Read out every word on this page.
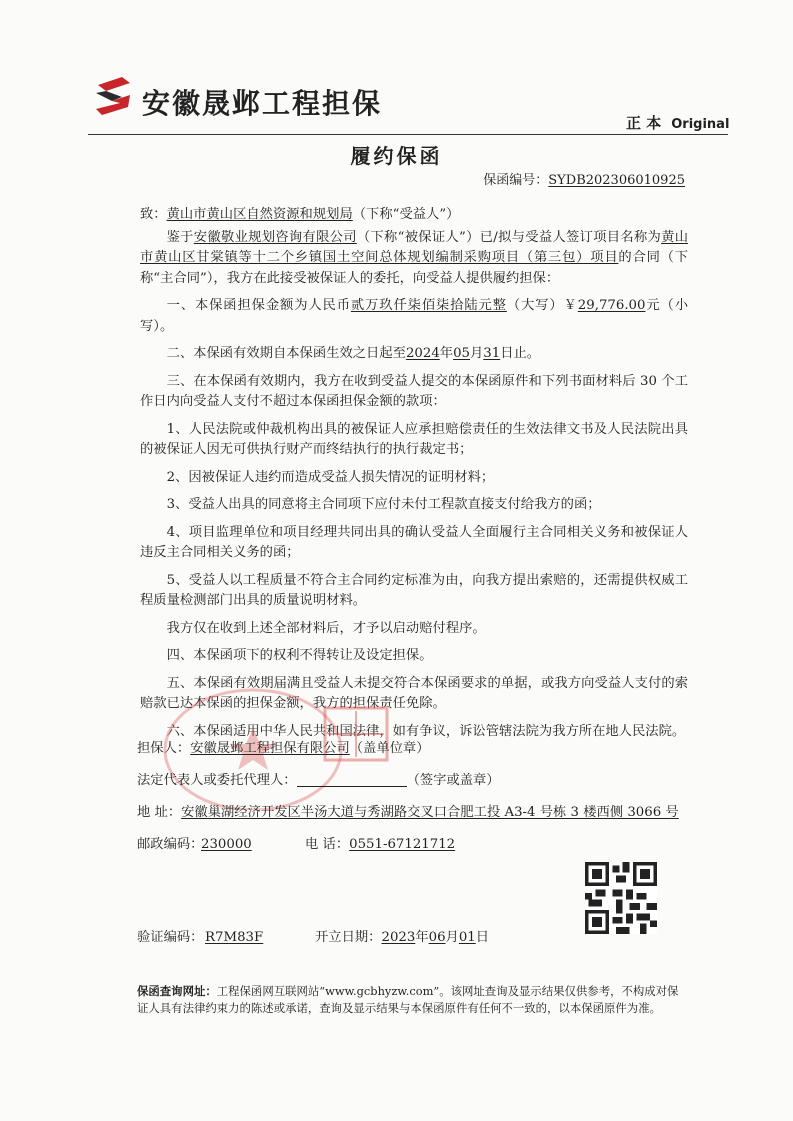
安徽晟邺工程担保
正 本 Original
履约保函
保函编号：SYDB202306010925

致：黄山市黄山区自然资源和规划局（下称“受益人”）

鉴于安徽敬业规划咨询有限公司（下称“被保证人”）已/拟与受益人签订项目名称为黄山市黄山区甘棠镇等十二个乡镇国土空间总体规划编制采购项目（第三包）项目的合同（下称“主合同”），我方在此接受被保证人的委托，向受益人提供履约担保：

一、本保函担保金额为人民币贰万玖仟柒佰柒拾陆元整（大写）￥29,776.00元（小写）。

二、本保函有效期自本保函生效之日起至2024年05月31日止。

三、在本保函有效期内，我方在收到受益人提交的本保函原件和下列书面材料后 30 个工作日内向受益人支付不超过本保函担保金额的款项：

1、人民法院或仲裁机构出具的被保证人应承担赔偿责任的生效法律文书及人民法院出具的被保证人因无可供执行财产而终结执行的执行裁定书；

2、因被保证人违约而造成受益人损失情况的证明材料；

3、受益人出具的同意将主合同项下应付未付工程款直接支付给我方的函；

4、项目监理单位和项目经理共同出具的确认受益人全面履行主合同相关义务和被保证人违反主合同相关义务的函；

5、受益人以工程质量不符合主合同约定标准为由，向我方提出索赔的，还需提供权威工程质量检测部门出具的质量说明材料。

我方仅在收到上述全部材料后，才予以启动赔付程序。

四、本保函项下的权利不得转让及设定担保。

五、本保函有效期届满且受益人未提交符合本保函要求的单据，或我方向受益人支付的索赔款已达本保函的担保金额，我方的担保责任免除。

六、本保函适用中华人民共和国法律，如有争议，诉讼管辖法院为我方所在地人民法院。

担保人：安徽晟邺工程担保有限公司（盖单位章）
法定代表人或委托代理人：	（签字或盖章）
地 址：安徽巢湖经济开发区半汤大道与秀湖路交叉口合肥工投 A3-4 号栋 3 楼西侧 3066 号
邮政编码：230000	电 话：0551-67121712
验证编码： R7M83F	开立日期：2023年06月01日
保函查询网址：工程保函网互联网站“www.gcbhyzw.com”。该网址查询及显示结果仅供参考，不构成对保证人具有法律约束力的陈述或承诺，查询及显示结果与本保函原件有任何不一致的，以本保函原件为准。
